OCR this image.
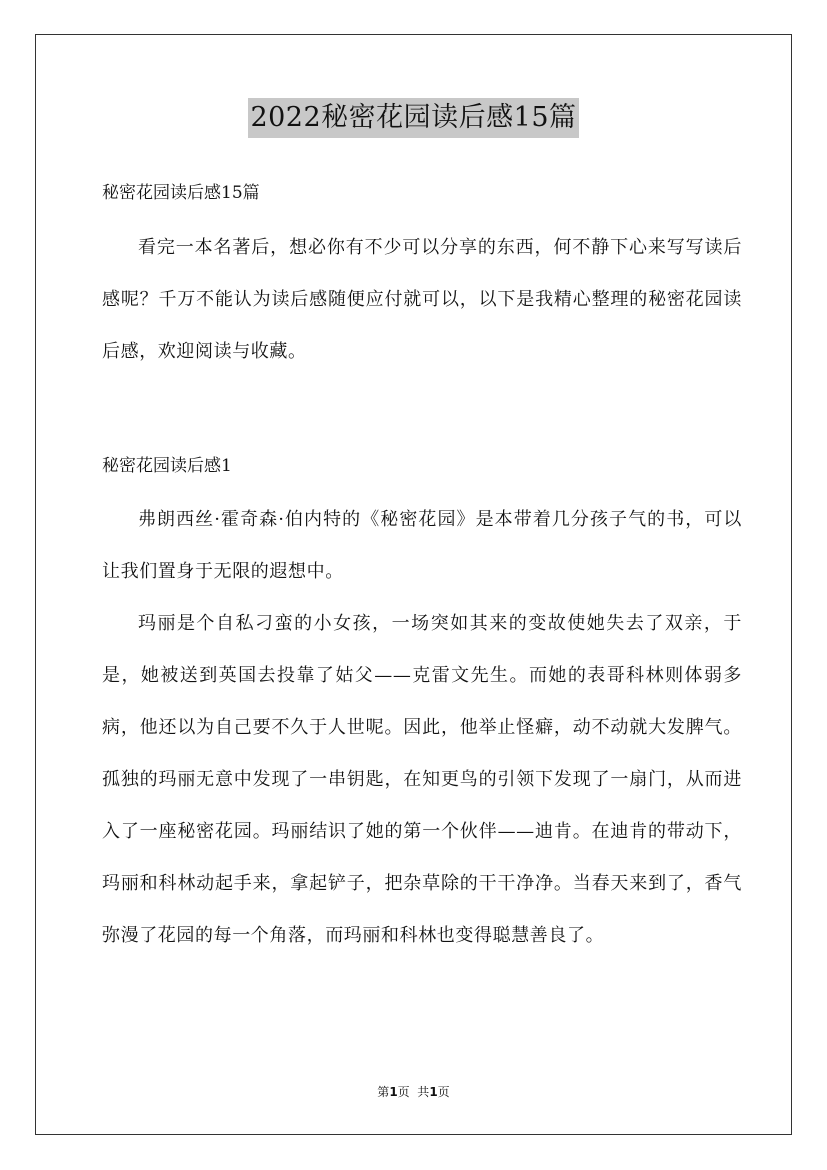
2022秘密花园读后感15篇
秘密花园读后感15篇

看完一本名著后，想必你有不少可以分享的东西，何不静下心来写写读后感呢？千万不能认为读后感随便应付就可以，以下是我精心整理的秘密花园读后感，欢迎阅读与收藏。

秘密花园读后感1

弗朗西丝·霍奇森·伯内特的《秘密花园》是本带着几分孩子气的书，可以让我们置身于无限的遐想中。

玛丽是个自私刁蛮的小女孩，一场突如其来的变故使她失去了双亲，于是，她被送到英国去投靠了姑父——克雷文先生。而她的表哥科林则体弱多病，他还以为自己要不久于人世呢。因此，他举止怪癖，动不动就大发脾气。孤独的玛丽无意中发现了一串钥匙，在知更鸟的引领下发现了一扇门，从而进入了一座秘密花园。玛丽结识了她的第一个伙伴——迪肯。在迪肯的带动下，玛丽和科林动起手来，拿起铲子，把杂草除的干干净净。当春天来到了，香气弥漫了花园的每一个角落，而玛丽和科林也变得聪慧善良了。

第1页  共1页
